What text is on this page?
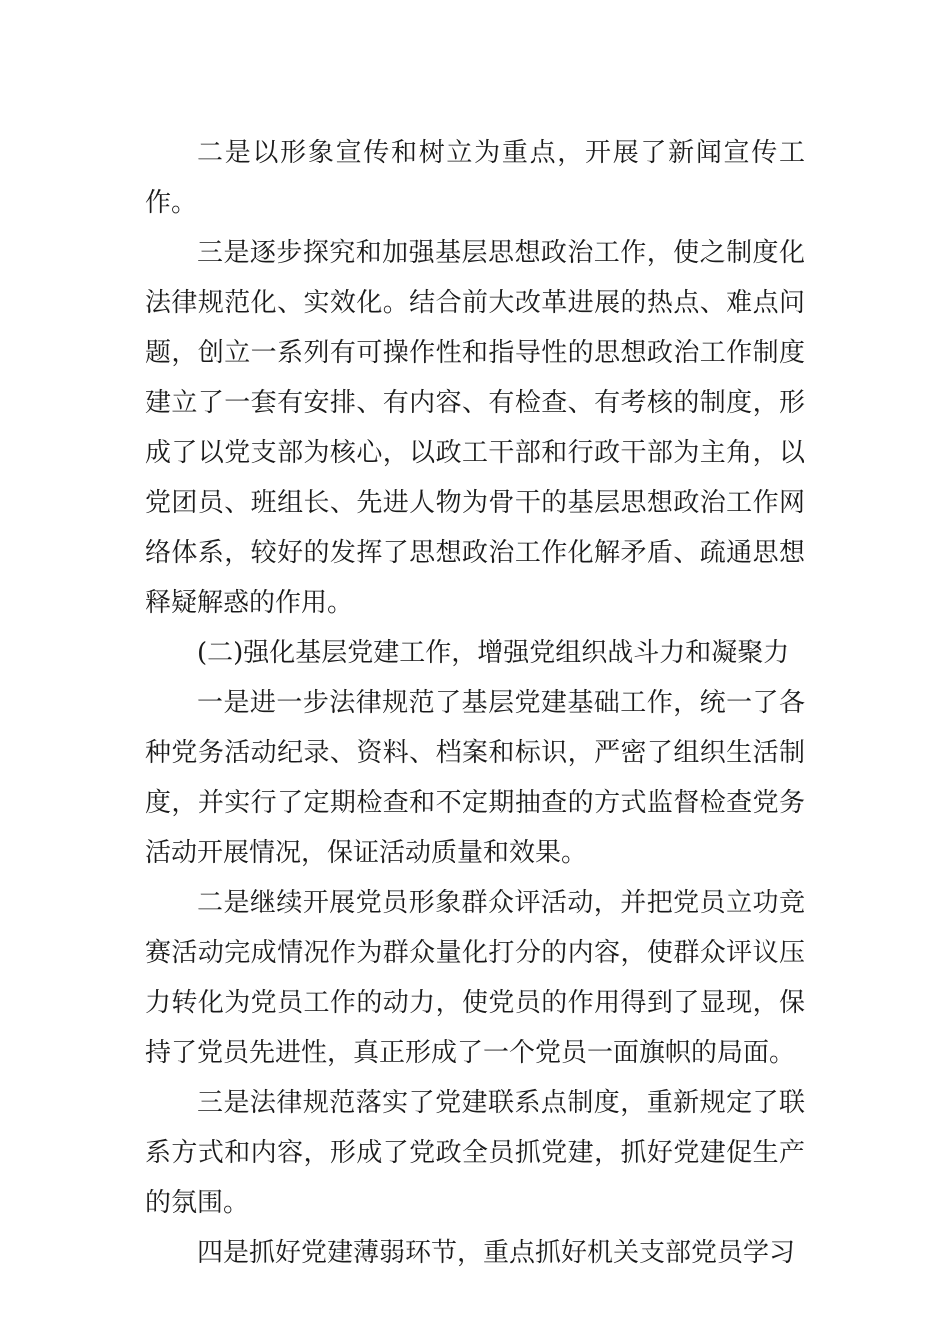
二是以形象宣传和树立为重点，开展了新闻宣传工作。

三是逐步探究和加强基层思想政治工作，使之制度化法律规范化、实效化。结合前大改革进展的热点、难点问题，创立一系列有可操作性和指导性的思想政治工作制度建立了一套有安排、有内容、有检查、有考核的制度，形成了以党支部为核心，以政工干部和行政干部为主角，以党团员、班组长、先进人物为骨干的基层思想政治工作网络体系，较好的发挥了思想政治工作化解矛盾、疏通思想释疑解惑的作用。

(二)强化基层党建工作，增强党组织战斗力和凝聚力

一是进一步法律规范了基层党建基础工作，统一了各种党务活动纪录、资料、档案和标识，严密了组织生活制度，并实行了定期检查和不定期抽查的方式监督检查党务活动开展情况，保证活动质量和效果。

二是继续开展党员形象群众评活动，并把党员立功竞赛活动完成情况作为群众量化打分的内容，使群众评议压力转化为党员工作的动力，使党员的作用得到了显现，保持了党员先进性，真正形成了一个党员一面旗帜的局面。

三是法律规范落实了党建联系点制度，重新规定了联系方式和内容，形成了党政全员抓党建，抓好党建促生产的氛围。

四是抓好党建薄弱环节，重点抓好机关支部党员学习
